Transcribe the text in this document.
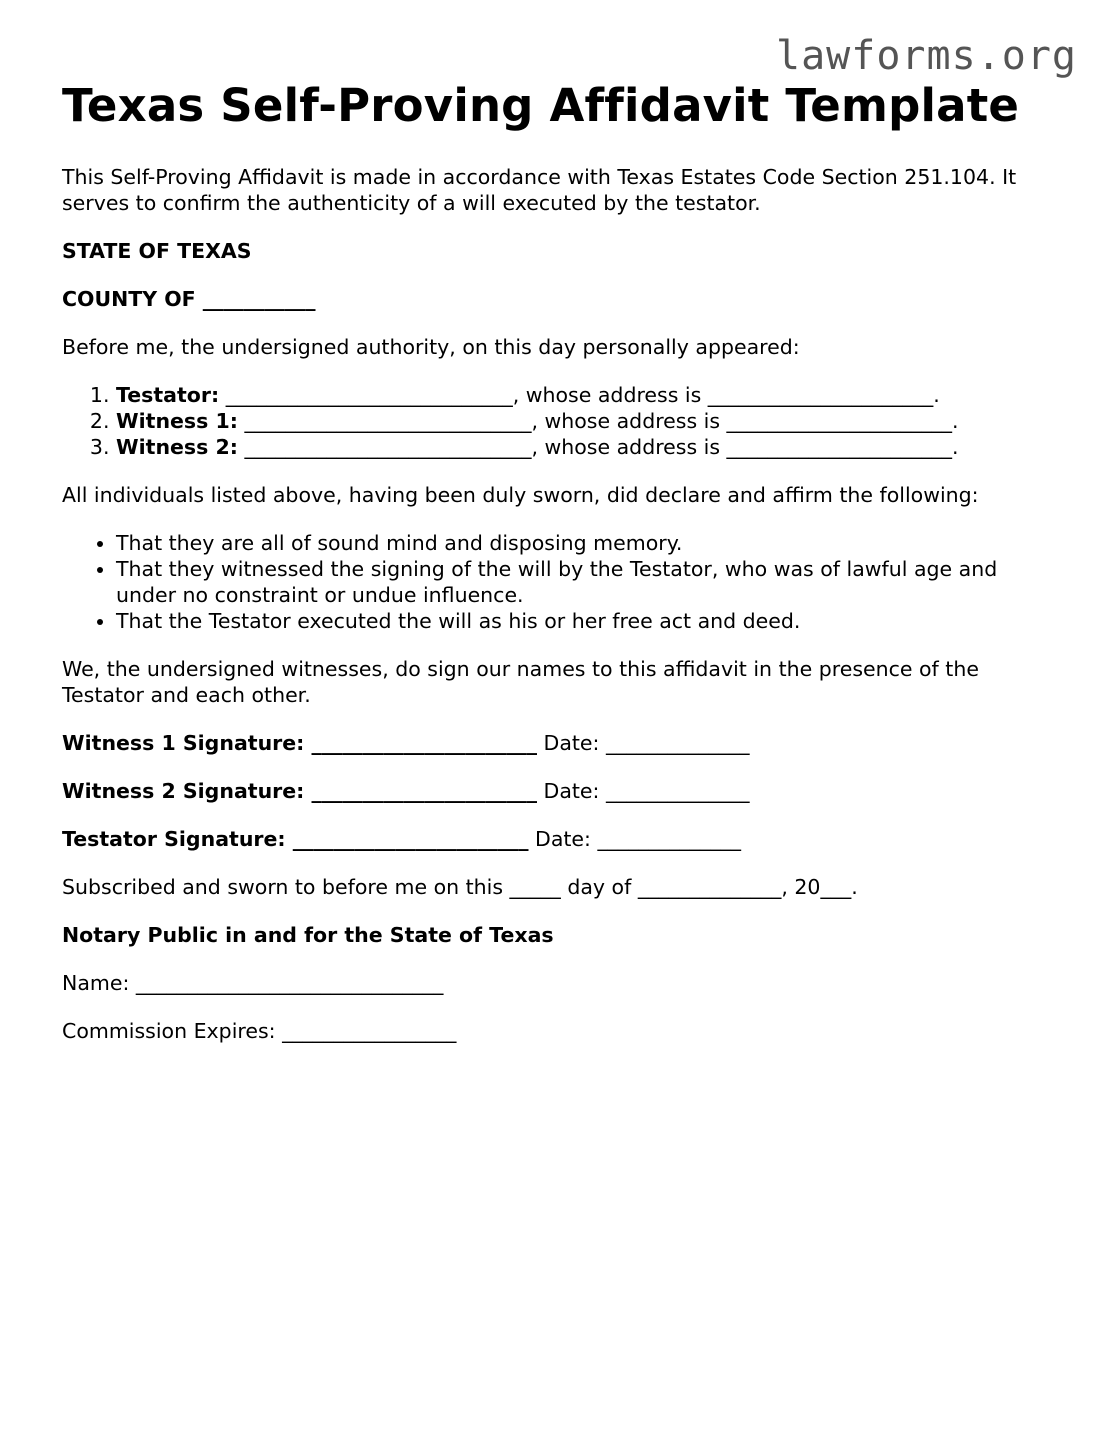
lawforms.org
Texas Self-Proving Affidavit Template

This Self-Proving Affidavit is made in accordance with Texas Estates Code Section 251.104. It serves to confirm the authenticity of a will executed by the testator.

STATE OF TEXAS

COUNTY OF ___________

Before me, the undersigned authority, on this day personally appeared:

1. Testator: ____________________________, whose address is ______________________.
2. Witness 1: ____________________________, whose address is ______________________.
3. Witness 2: ____________________________, whose address is ______________________.

All individuals listed above, having been duly sworn, did declare and affirm the following:

• That they are all of sound mind and disposing memory.
• That they witnessed the signing of the will by the Testator, who was of lawful age and under no constraint or undue influence.
• That the Testator executed the will as his or her free act and deed.

We, the undersigned witnesses, do sign our names to this affidavit in the presence of the Testator and each other.

Witness 1 Signature: ______________________ Date: ______________

Witness 2 Signature: ______________________ Date: ______________

Testator Signature: _______________________ Date: ______________

Subscribed and sworn to before me on this _____ day of ______________, 20___.

Notary Public in and for the State of Texas

Name: ______________________________

Commission Expires: _________________
